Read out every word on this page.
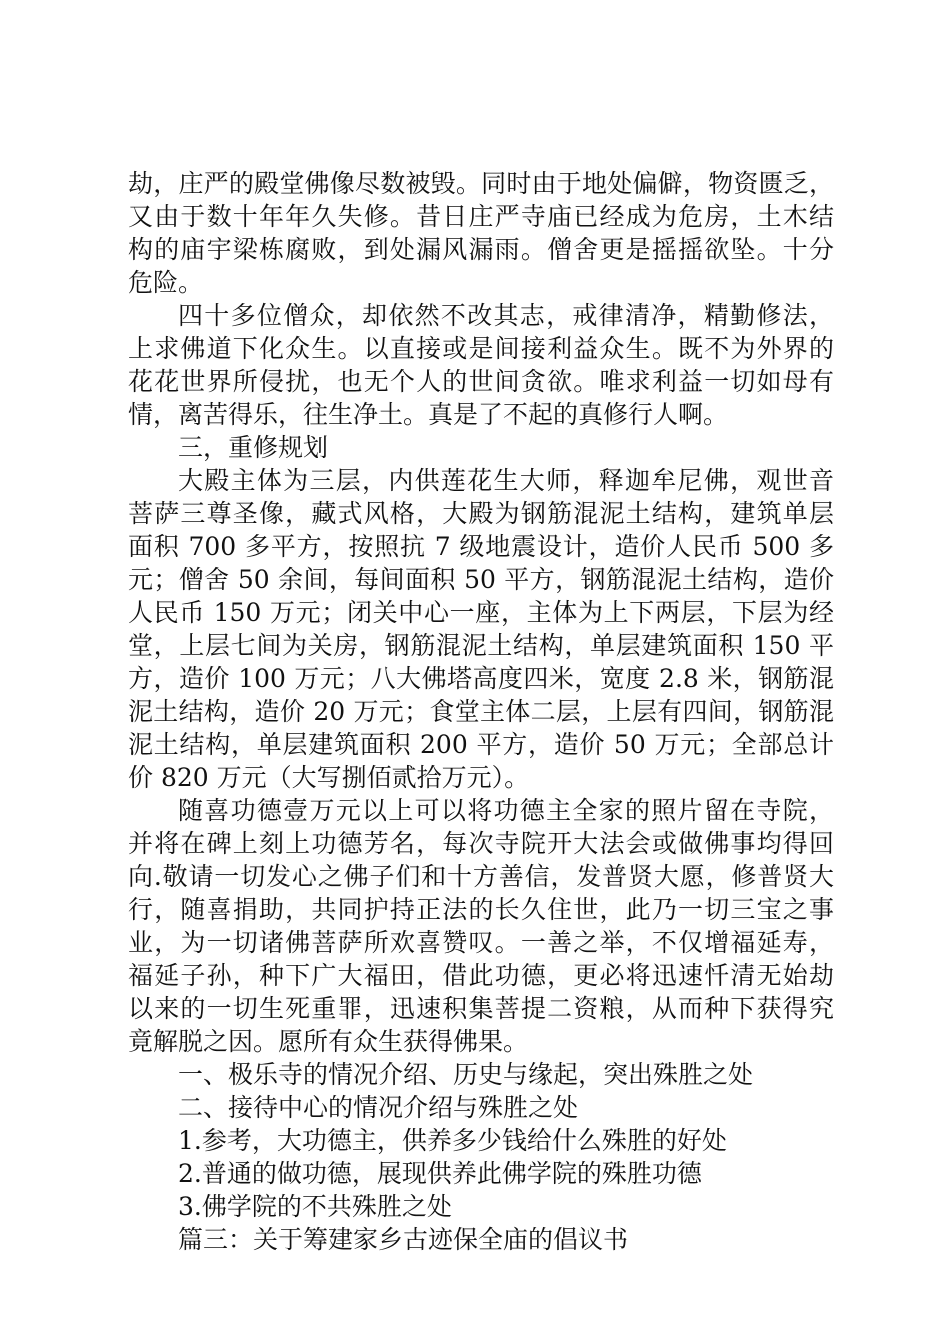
劫，庄严的殿堂佛像尽数被毁。同时由于地处偏僻，物资匮乏，
又由于数十年年久失修。昔日庄严寺庙已经成为危房，土木结
构的庙宇梁栋腐败，到处漏风漏雨。僧舍更是摇摇欲坠。十分
危险。
四十多位僧众，却依然不改其志，戒律清净，精勤修法，
上求佛道下化众生。以直接或是间接利益众生。既不为外界的
花花世界所侵扰，也无个人的世间贪欲。唯求利益一切如母有
情，离苦得乐，往生净土。真是了不起的真修行人啊。
三，重修规划
大殿主体为三层，内供莲花生大师，释迦牟尼佛，观世音
菩萨三尊圣像，藏式风格，大殿为钢筋混泥土结构，建筑单层
面积 700 多平方，按照抗 7 级地震设计，造价人民币 500 多
元；僧舍 50 余间，每间面积 50 平方，钢筋混泥土结构，造价
人民币 150 万元；闭关中心一座，主体为上下两层，下层为经
堂，上层七间为关房，钢筋混泥土结构，单层建筑面积 150 平
方，造价 100 万元；八大佛塔高度四米，宽度 2.8 米，钢筋混
泥土结构，造价 20 万元；食堂主体二层，上层有四间，钢筋混
泥土结构，单层建筑面积 200 平方，造价 50 万元；全部总计
价 820 万元（大写捌佰贰拾万元）。
随喜功德壹万元以上可以将功德主全家的照片留在寺院，
并将在碑上刻上功德芳名，每次寺院开大法会或做佛事均得回
向.敬请一切发心之佛子们和十方善信，发普贤大愿，修普贤大
行，随喜捐助，共同护持正法的长久住世，此乃一切三宝之事
业，为一切诸佛菩萨所欢喜赞叹。一善之举，不仅增福延寿，
福延子孙，种下广大福田，借此功德，更必将迅速忏清无始劫
以来的一切生死重罪，迅速积集菩提二资粮，从而种下获得究
竟解脱之因。愿所有众生获得佛果。
一、极乐寺的情况介绍、历史与缘起，突出殊胜之处
二、接待中心的情况介绍与殊胜之处
1.参考，大功德主，供养多少钱给什么殊胜的好处
2.普通的做功德，展现供养此佛学院的殊胜功德
3.佛学院的不共殊胜之处
篇三：关于筹建家乡古迹保全庙的倡议书
